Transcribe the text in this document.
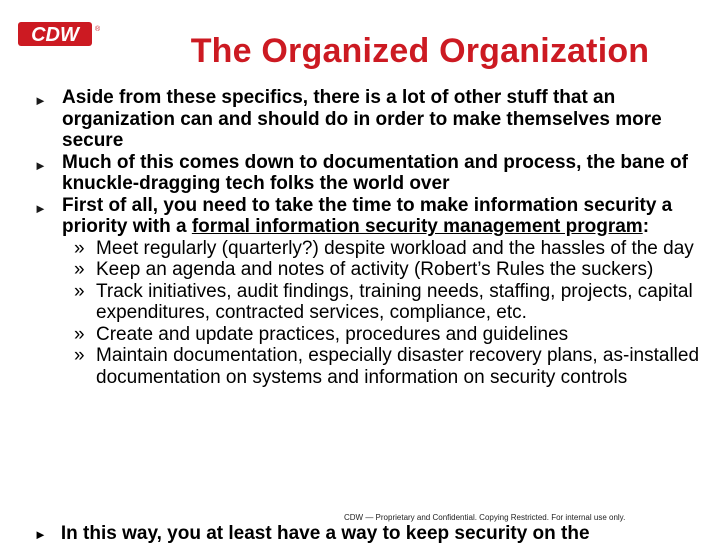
CDW	®
The Organized Organization
► Aside from these specifics, there is a lot of other stuff that an organization can and should do in order to make themselves more secure
► Much of this comes down to documentation and process, the bane of knuckle-dragging tech folks the world over
► First of all, you need to take the time to make information security a priority with a formal information security management program:
» Meet regularly (quarterly?) despite workload and the hassles of the day
» Keep an agenda and notes of activity (Robert’s Rules the suckers)
» Track initiatives, audit findings, training needs, staffing, projects, capital expenditures, contracted services, compliance, etc.
» Create and update practices, procedures and guidelines
» Maintain documentation, especially disaster recovery plans, as-installed documentation on systems and information on security controls
► In this way, you at least have a way to keep security on the
CDW — Proprietary and Confidential. Copying Restricted. For internal use only.
